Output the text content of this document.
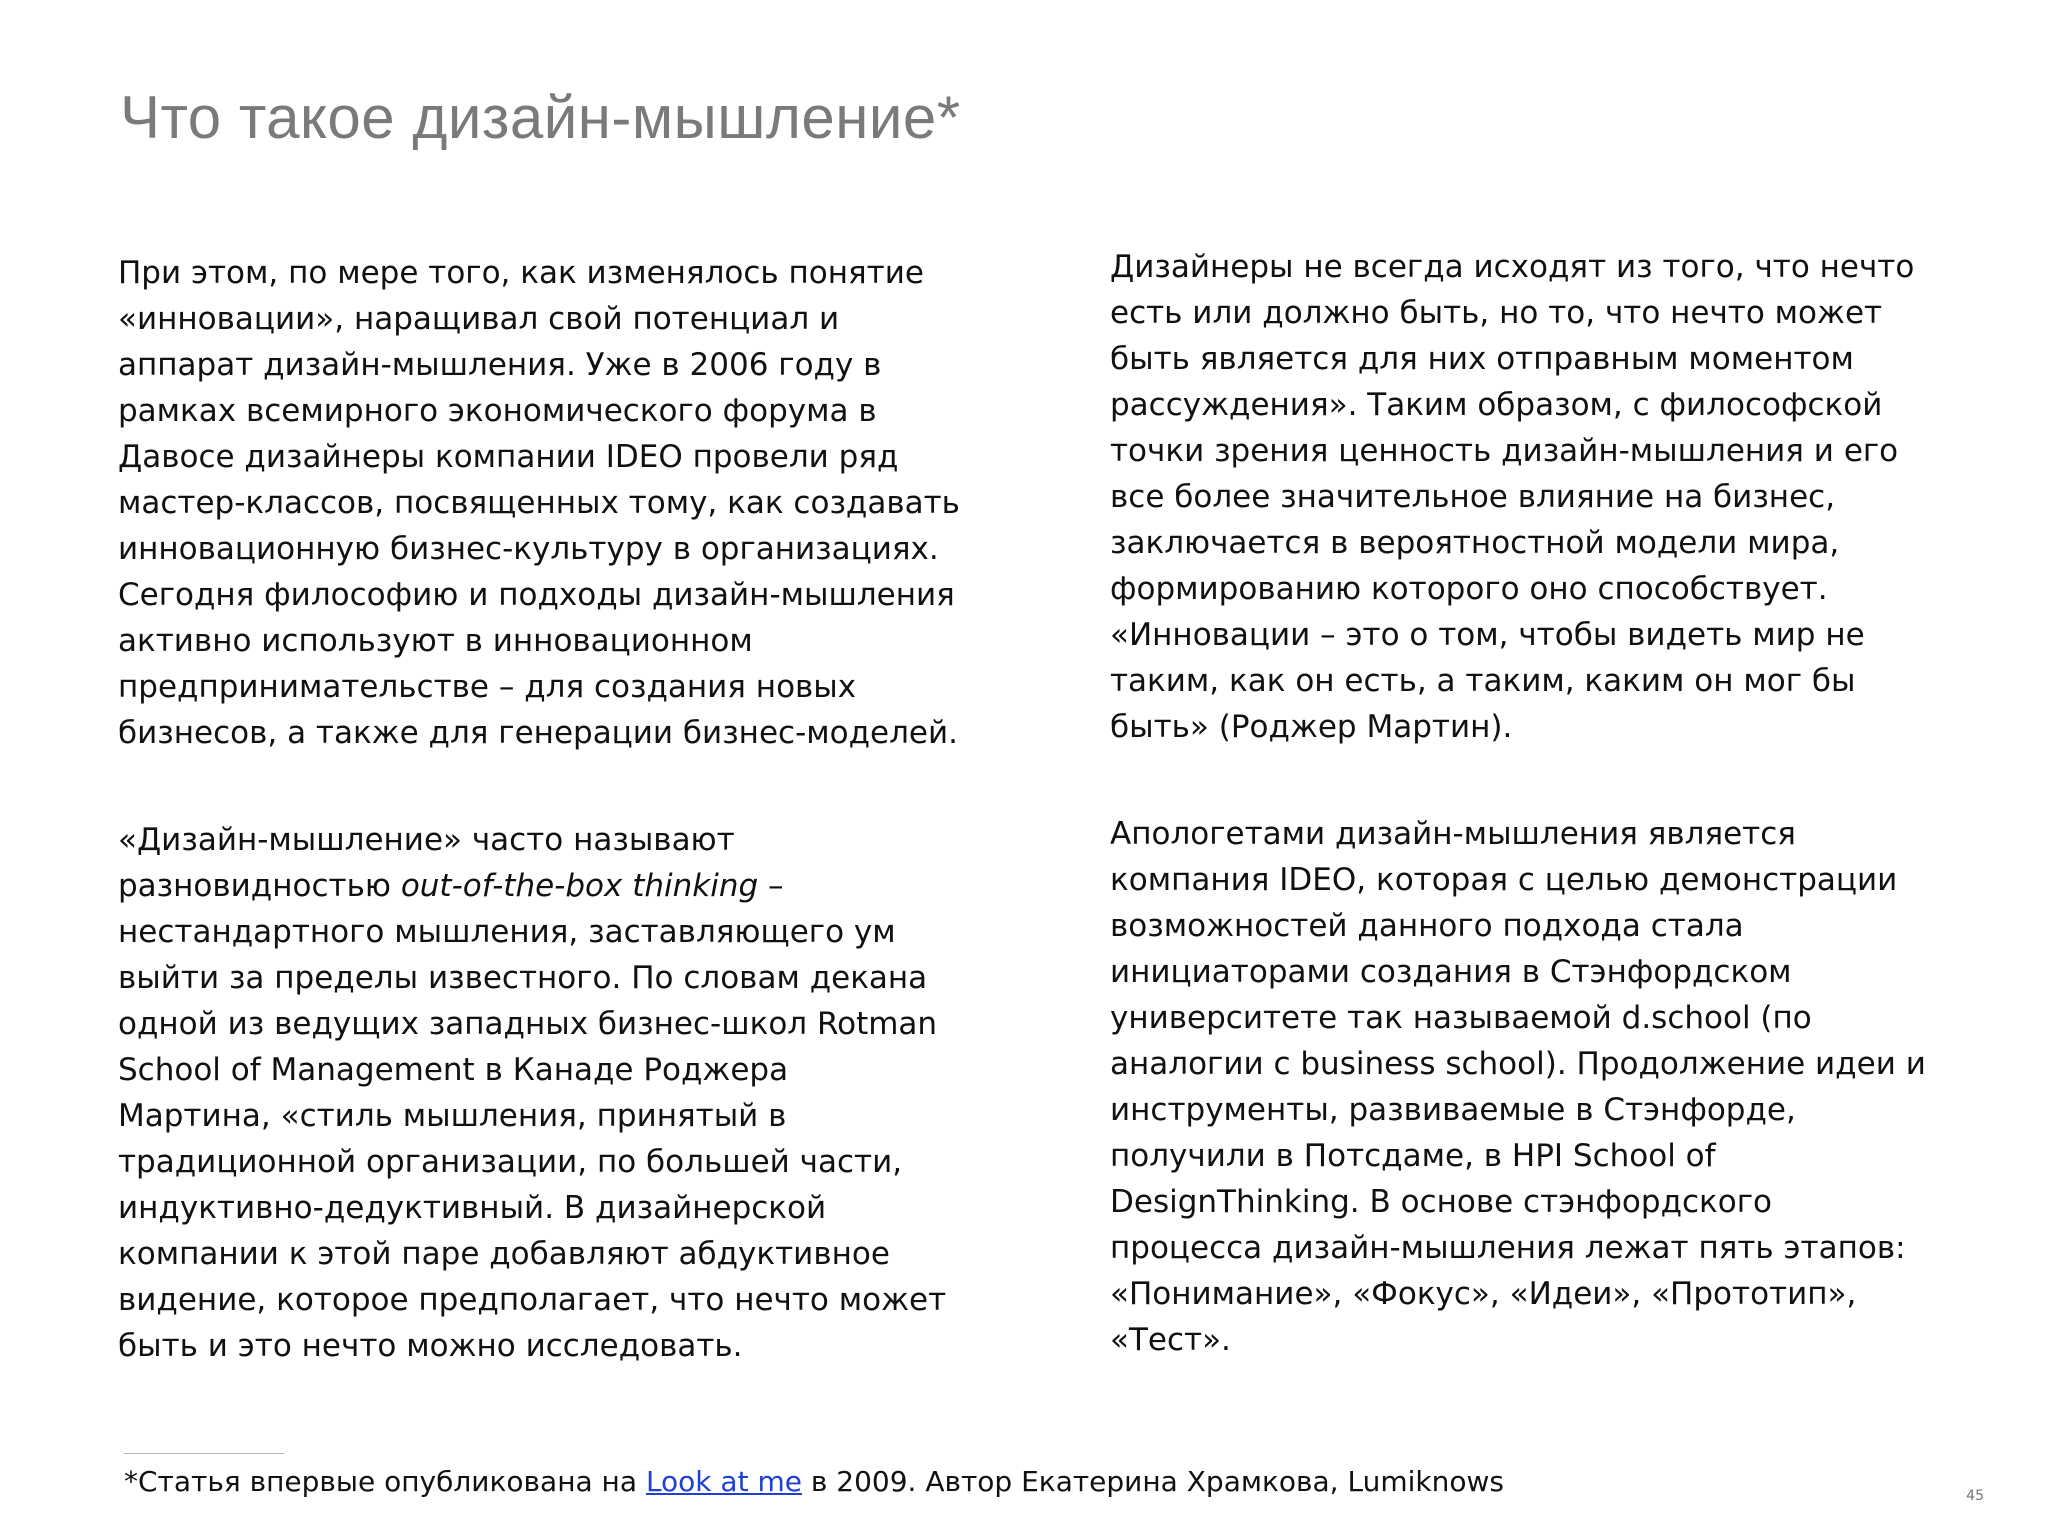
Что такое дизайн-мышление*

При этом, по мере того, как изменялось понятие
«инновации», наращивал свой потенциал и
аппарат дизайн-мышления. Уже в 2006 году в
рамках всемирного экономического форума в
Давосе дизайнеры компании IDEO провели ряд
мастер-классов, посвященных тому, как создавать
инновационную бизнес-культуру в организациях.
Сегодня философию и подходы дизайн-мышления
активно используют в инновационном
предпринимательстве – для создания новых
бизнесов, а также для генерации бизнес-моделей.

«Дизайн-мышление» часто называют
разновидностью out-of-the-box thinking –
нестандартного мышления, заставляющего ум
выйти за пределы известного. По словам декана
одной из ведущих западных бизнес-школ Rotman
School of Management в Канаде Роджера
Мартина, «стиль мышления, принятый в
традиционной организации, по большей части,
индуктивно-дедуктивный. В дизайнерской
компании к этой паре добавляют абдуктивное
видение, которое предполагает, что нечто может
быть и это нечто можно исследовать.

Дизайнеры не всегда исходят из того, что нечто
есть или должно быть, но то, что нечто может
быть является для них отправным моментом
рассуждения». Таким образом, с философской
точки зрения ценность дизайн-мышления и его
все более значительное влияние на бизнес,
заключается в вероятностной модели мира,
формированию которого оно способствует.
«Инновации – это о том, чтобы видеть мир не
таким, как он есть, а таким, каким он мог бы
быть» (Роджер Мартин).

Апологетами дизайн-мышления является
компания IDEO, которая с целью демонстрации
возможностей данного подхода стала
инициаторами создания в Стэнфордском
университете так называемой d.school (по
аналогии с business school). Продолжение идеи и
инструменты, развиваемые в Стэнфорде,
получили в Потсдаме, в HPI School of
DesignThinking. В основе стэнфордского
процесса дизайн-мышления лежат пять этапов:
«Понимание», «Фокус», «Идеи», «Прототип»,
«Тест».

*Статья впервые опубликована на Look at me в 2009. Автор Екатерина Храмкова, Lumiknows	45
